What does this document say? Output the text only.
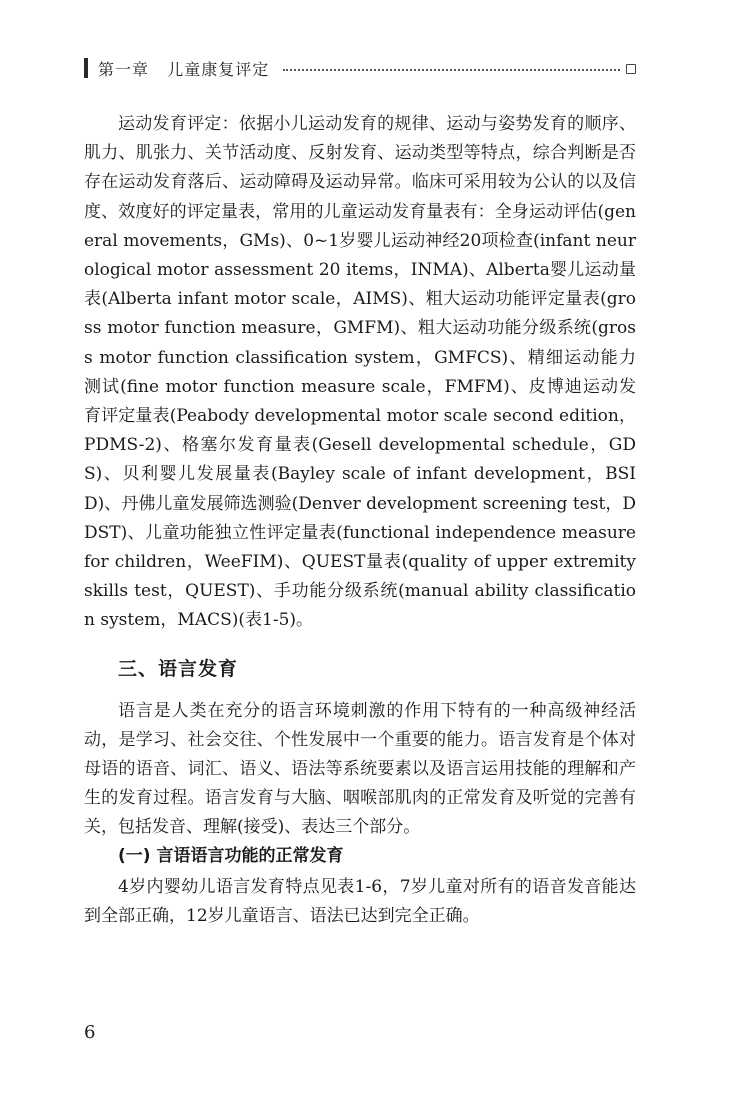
第一章 儿童康复评定

运动发育评定：依据小儿运动发育的规律、运动与姿势发育的顺序、肌力、肌张力、关节活动度、反射发育、运动类型等特点，综合判断是否存在运动发育落后、运动障碍及运动异常。临床可采用较为公认的以及信度、效度好的评定量表，常用的儿童运动发育量表有：全身运动评估(general movements，GMs)、0~1岁婴儿运动神经20项检查(infant neurological motor assessment 20 items，INMA)、Alberta婴儿运动量表(Alberta infant motor scale，AIMS)、粗大运动功能评定量表(gross motor function measure，GMFM)、粗大运动功能分级系统(gross motor function classification system，GMFCS)、精细运动能力测试(fine motor function measure scale，FMFM)、皮博迪运动发育评定量表(Peabody developmental motor scale second edition，PDMS-2)、格塞尔发育量表(Gesell developmental schedule，GDS)、贝利婴儿发展量表(Bayley scale of infant development，BSID)、丹佛儿童发展筛选测验(Denver development screening test，DDST)、儿童功能独立性评定量表(functional independence measure for children，WeeFIM)、QUEST量表(quality of upper extremity skills test，QUEST)、手功能分级系统(manual ability classification system，MACS)(表1-5)。

三、语言发育

语言是人类在充分的语言环境刺激的作用下特有的一种高级神经活动，是学习、社会交往、个性发展中一个重要的能力。语言发育是个体对母语的语音、词汇、语义、语法等系统要素以及语言运用技能的理解和产生的发育过程。语言发育与大脑、咽喉部肌肉的正常发育及听觉的完善有关，包括发音、理解(接受)、表达三个部分。

(一) 言语语言功能的正常发育

4岁内婴幼儿语言发育特点见表1-6，7岁儿童对所有的语音发音能达到全部正确，12岁儿童语言、语法已达到完全正确。

6
